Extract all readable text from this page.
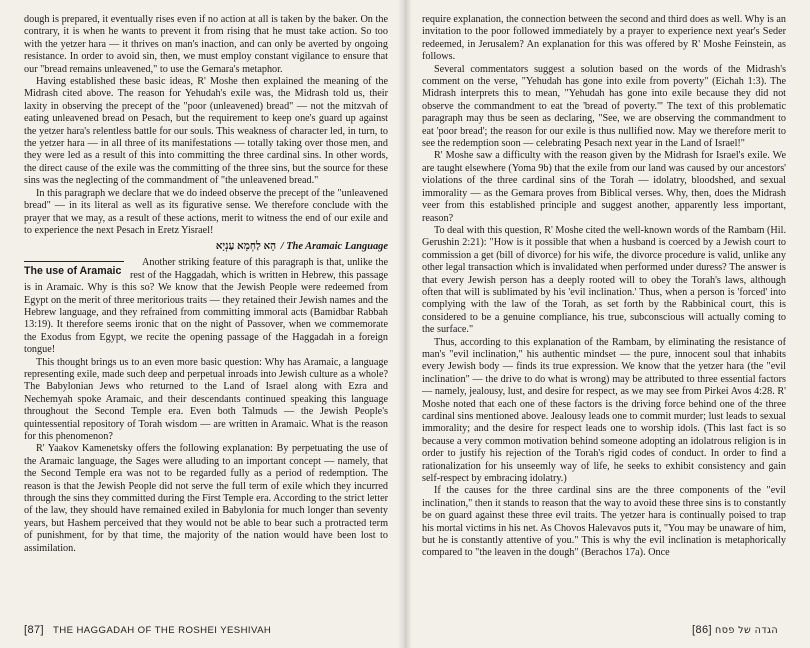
dough is prepared, it eventually rises even if no action at all is taken by the baker. On the contrary, it is when he wants to prevent it from rising that he must take action. So too with the yetzer hara — it thrives on man's inaction, and can only be averted by ongoing resistance. In order to avoid sin, then, we must employ constant vigilance to ensure that our "bread remains unleavened," to use the Gemara's metaphor.

Having established these basic ideas, R' Moshe then explained the meaning of the Midrash cited above. The reason for Yehudah's exile was, the Midrash told us, their laxity in observing the precept of the "poor (unleavened) bread" — not the mitzvah of eating unleavened bread on Pesach, but the requirement to keep one's guard up against the yetzer hara's relentless battle for our souls. This weakness of character led, in turn, to the yetzer hara — in all three of its manifestations — totally taking over those men, and they were led as a result of this into committing the three cardinal sins. In other words, the direct cause of the exile was the committing of the three sins, but the source for these sins was the neglecting of the commandment of "the unleavened bread."

In this paragraph we declare that we do indeed observe the precept of the "unleavened bread" — in its literal as well as its figurative sense. We therefore conclude with the prayer that we may, as a result of these actions, merit to witness the end of our exile and to experience the next Pesach in Eretz Yisrael!

הָא לַחְמָא עַנְיָא / The Aramaic Language
The use of Aramaic

Another striking feature of this paragraph is that, unlike the rest of the Haggadah, which is written in Hebrew, this passage is in Aramaic. Why is this so? We know that the Jewish People were redeemed from Egypt on the merit of three meritorious traits — they retained their Jewish names and the Hebrew language, and they refrained from committing immoral acts (Bamidbar Rabbah 13:19). It therefore seems ironic that on the night of Passover, when we commemorate the Exodus from Egypt, we recite the opening passage of the Haggadah in a foreign tongue!

This thought brings us to an even more basic question: Why has Aramaic, a language representing exile, made such deep and perpetual inroads into Jewish culture as a whole? The Babylonian Jews who returned to the Land of Israel along with Ezra and Nechemyah spoke Aramaic, and their descendants continued speaking this language throughout the Second Temple era. Even both Talmuds — the Jewish People's quintessential repository of Torah wisdom — are written in Aramaic. What is the reason for this phenomenon?

R' Yaakov Kamenetsky offers the following explanation: By perpetuating the use of the Aramaic language, the Sages were alluding to an important concept — namely, that the Second Temple era was not to be regarded fully as a period of redemption. The reason is that the Jewish People did not serve the full term of exile which they incurred through the sins they committed during the First Temple era. According to the strict letter of the law, they should have remained exiled in Babylonia for much longer than seventy years, but Hashem perceived that they would not be able to bear such a protracted term of punishment, for by that time, the majority of the nation would have been lost to assimilation.

[87] THE HAGGADAH OF THE ROSHEI YESHIVAH

require explanation, the connection between the second and third does as well. Why is an invitation to the poor followed immediately by a prayer to experience next year's Seder redeemed, in Jerusalem? An explanation for this was offered by R' Moshe Feinstein, as follows.

Several commentators suggest a solution based on the words of the Midrash's comment on the verse, "Yehudah has gone into exile from poverty" (Eichah 1:3). The Midrash interprets this to mean, "Yehudah has gone into exile because they did not observe the commandment to eat the 'bread of poverty.'" The text of this problematic paragraph may thus be seen as declaring, "See, we are observing the commandment to eat 'poor bread'; the reason for our exile is thus nullified now. May we therefore merit to see the redemption soon — celebrating Pesach next year in the Land of Israel!"

R' Moshe saw a difficulty with the reason given by the Midrash for Israel's exile. We are taught elsewhere (Yoma 9b) that the exile from our land was caused by our ancestors' violations of the three cardinal sins of the Torah — idolatry, bloodshed, and sexual immorality — as the Gemara proves from Biblical verses. Why, then, does the Midrash veer from this established principle and suggest another, apparently less important, reason?

To deal with this question, R' Moshe cited the well-known words of the Rambam (Hil. Gerushin 2:21): "How is it possible that when a husband is coerced by a Jewish court to commission a get (bill of divorce) for his wife, the divorce procedure is valid, unlike any other legal transaction which is invalidated when performed under duress? The answer is that every Jewish person has a deeply rooted will to obey the Torah's laws, although often that will is sublimated by his 'evil inclination.' Thus, when a person is 'forced' into complying with the law of the Torah, as set forth by the Rabbinical court, this is considered to be a genuine compliance, his true, subconscious will actually coming to the surface."

Thus, according to this explanation of the Rambam, by eliminating the resistance of man's "evil inclination," his authentic mindset — the pure, innocent soul that inhabits every Jewish body — finds its true expression. We know that the yetzer hara (the "evil inclination" — the drive to do what is wrong) may be attributed to three essential factors — namely, jealousy, lust, and desire for respect, as we may see from Pirkei Avos 4:28. R' Moshe noted that each one of these factors is the driving force behind one of the three cardinal sins mentioned above. Jealousy leads one to commit murder; lust leads to sexual immorality; and the desire for respect leads one to worship idols. (This last fact is so because a very common motivation behind someone adopting an idolatrous religion is in order to justify his rejection of the Torah's rigid codes of conduct. In order to find a rationalization for his unseemly way of life, he seeks to exhibit consistency and gain self-respect by embracing idolatry.)

If the causes for the three cardinal sins are the three components of the "evil inclination," then it stands to reason that the way to avoid these three sins is to constantly be on guard against these three evil traits. The yetzer hara is continually poised to trap his mortal victims in his net. As Chovos Halevavos puts it, "You may be unaware of him, but he is constantly attentive of you." This is why the evil inclination is metaphorically compared to "the leaven in the dough" (Berachos 17a). Once

הגדה של פסח [86]
